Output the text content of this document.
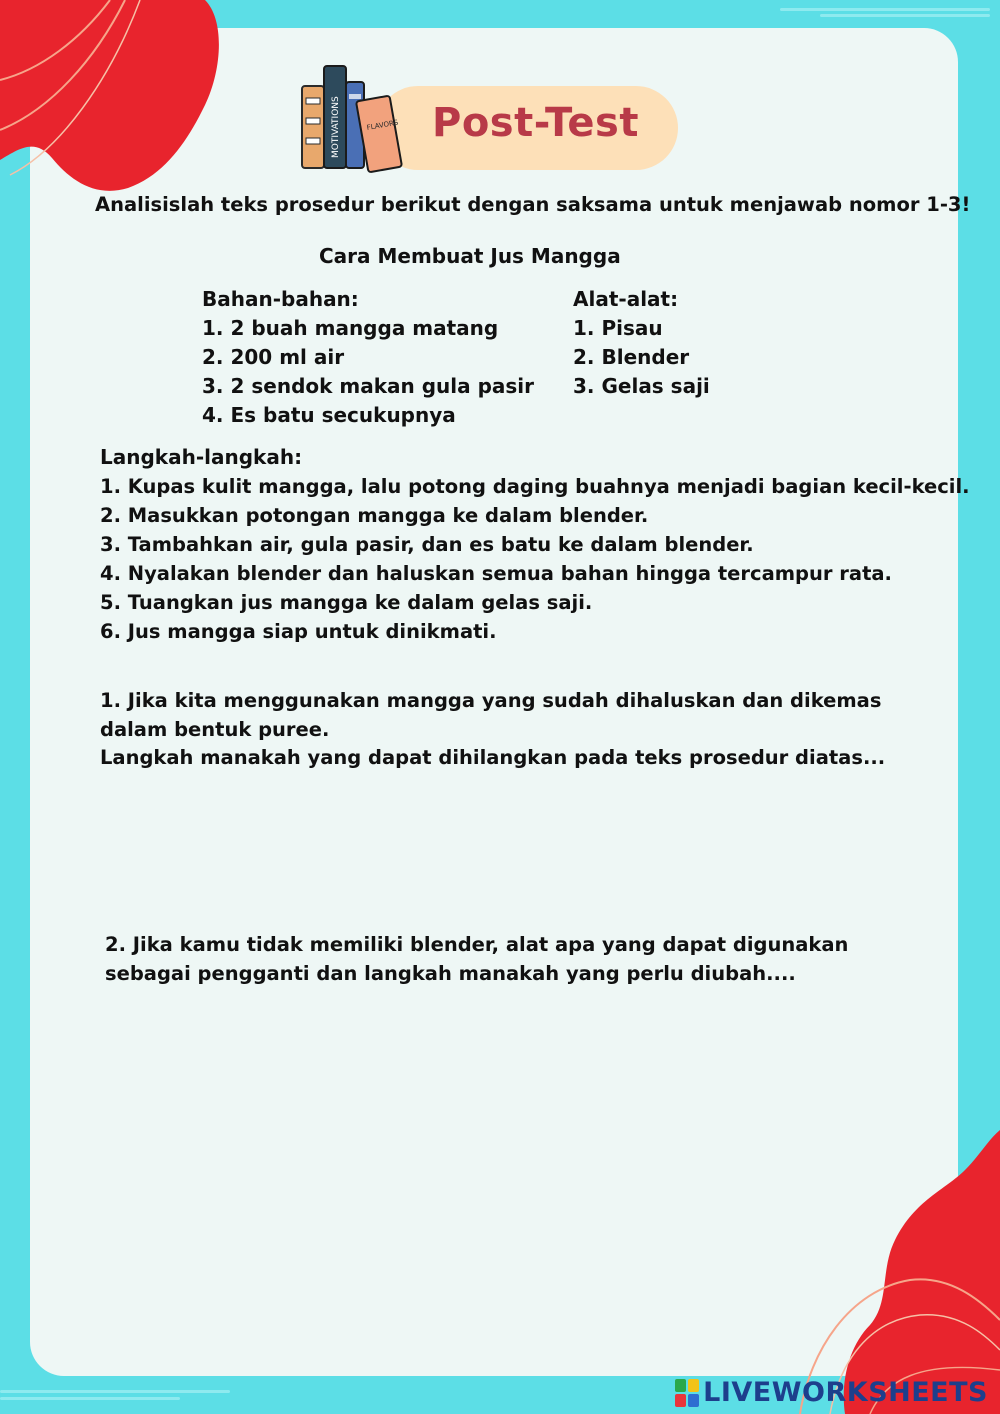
MOTIVATIONS	FLAVORS Post-Test
Analisislah teks prosedur berikut dengan saksama untuk menjawab nomor 1-3!
Cara Membuat Jus Mangga
Bahan-bahan:
1. 2 buah mangga matang
2. 200 ml air
3. 2 sendok makan gula pasir
4. Es batu secukupnya
Alat-alat:
1. Pisau
2. Blender
3. Gelas saji
Langkah-langkah:
1. Kupas kulit mangga, lalu potong daging buahnya menjadi bagian kecil-kecil.
2. Masukkan potongan mangga ke dalam blender.
3. Tambahkan air, gula pasir, dan es batu ke dalam blender.
4. Nyalakan blender dan haluskan semua bahan hingga tercampur rata.
5. Tuangkan jus mangga ke dalam gelas saji.
6. Jus mangga siap untuk dinikmati.
1. Jika kita menggunakan mangga yang sudah dihaluskan dan dikemas dalam bentuk puree.
Langkah manakah yang dapat dihilangkan pada teks prosedur diatas...
2. Jika kamu tidak memiliki blender, alat apa yang dapat digunakan sebagai pengganti dan langkah manakah yang perlu diubah....
LIVEWORKSHEETS
